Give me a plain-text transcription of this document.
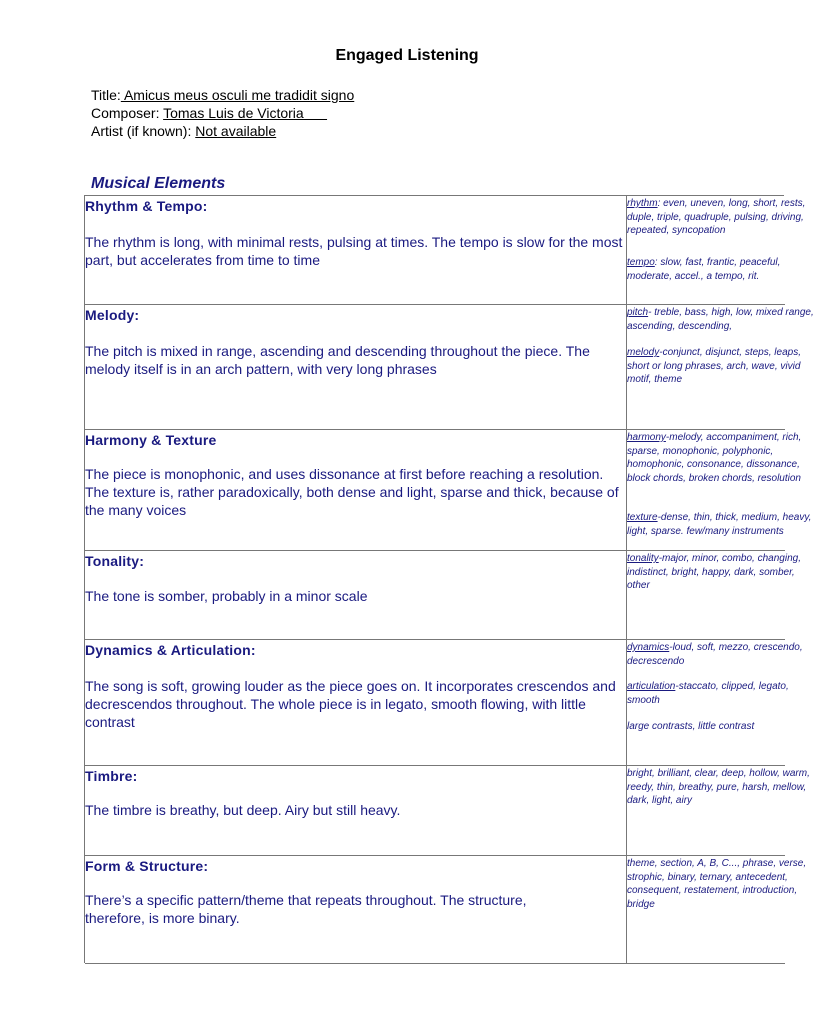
Engaged Listening
Title: Amicus meus osculi me tradidit signo
Composer: Tomas Luis de Victoria
Artist (if known): Not available
Musical Elements
Rhythm & Tempo:
The rhythm is long, with minimal rests, pulsing at times. The tempo is slow for the most part, but accelerates from time to time
rhythm: even, uneven, long, short, rests, duple, triple, quadruple, pulsing, driving, repeated, syncopation
tempo: slow, fast, frantic, peaceful, moderate, accel., a tempo, rit.
Melody:
The pitch is mixed in range, ascending and descending throughout the piece. The melody itself is in an arch pattern, with very long phrases
pitch- treble, bass, high, low, mixed range, ascending, descending,
melody-conjunct, disjunct, steps, leaps, short or long phrases, arch, wave, vivid motif, theme
Harmony & Texture
The piece is monophonic, and uses dissonance at first before reaching a resolution. The texture is, rather paradoxically, both dense and light, sparse and thick, because of the many voices
harmony-melody, accompaniment, rich, sparse, monophonic, polyphonic, homophonic, consonance, dissonance, block chords, broken chords, resolution
texture-dense, thin, thick, medium, heavy, light, sparse. few/many instruments
Tonality:
The tone is somber, probably in a minor scale
tonality-major, minor, combo, changing, indistinct, bright, happy, dark, somber, other
Dynamics & Articulation:
The song is soft, growing louder as the piece goes on. It incorporates crescendos and decrescendos throughout. The whole piece is in legato, smooth flowing, with little contrast
dynamics-loud, soft, mezzo, crescendo, decrescendo
articulation-staccato, clipped, legato, smooth
large contrasts, little contrast
Timbre:
The timbre is breathy, but deep. Airy but still heavy.
bright, brilliant, clear, deep, hollow, warm, reedy, thin, breathy, pure, harsh, mellow, dark, light, airy
Form & Structure:
There’s a specific pattern/theme that repeats throughout. The structure, therefore, is more binary.
theme, section, A, B, C..., phrase, verse, strophic, binary, ternary, antecedent, consequent, restatement, introduction, bridge
